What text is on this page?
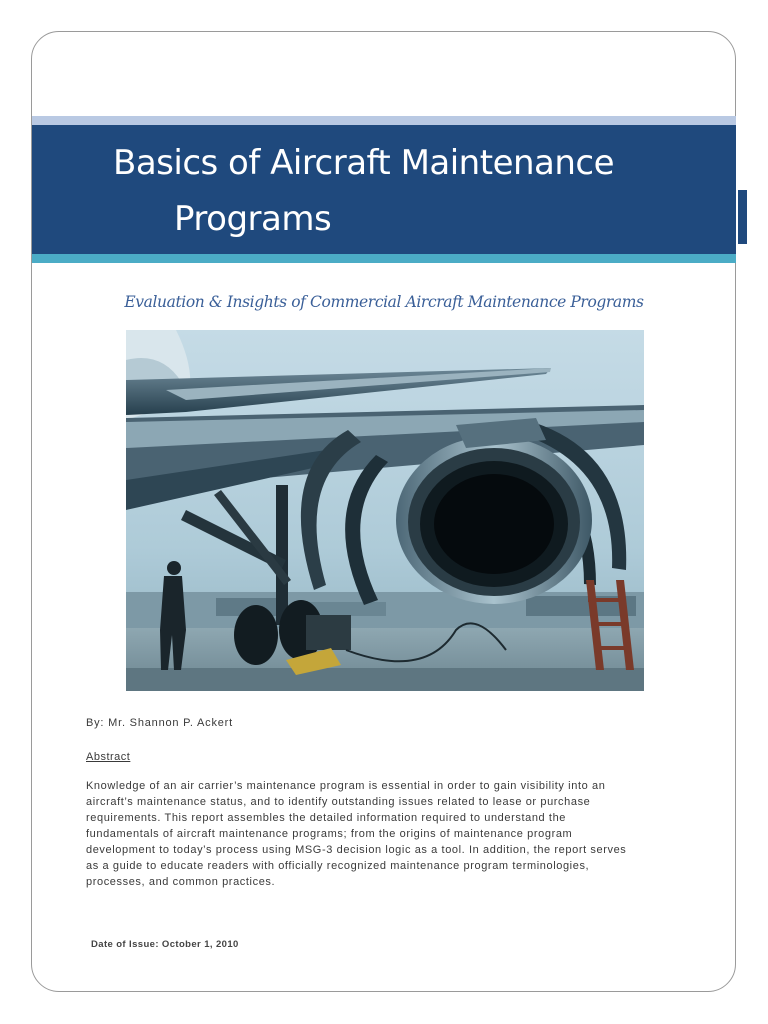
Basics of Aircraft Maintenance
Programs
Evaluation & Insights of Commercial Aircraft Maintenance Programs
By: Mr. Shannon P. Ackert
Abstract
Knowledge of an air carrier’s maintenance program is essential in order to gain visibility into an
aircraft’s maintenance status, and to identify outstanding issues related to lease or purchase
requirements. This report assembles the detailed information required to understand the
fundamentals of aircraft maintenance programs; from the origins of maintenance program
development to today’s process using MSG-3 decision logic as a tool. In addition, the report serves
as a guide to educate readers with officially recognized maintenance program terminologies,
processes, and common practices.
Date of Issue: October 1, 2010
